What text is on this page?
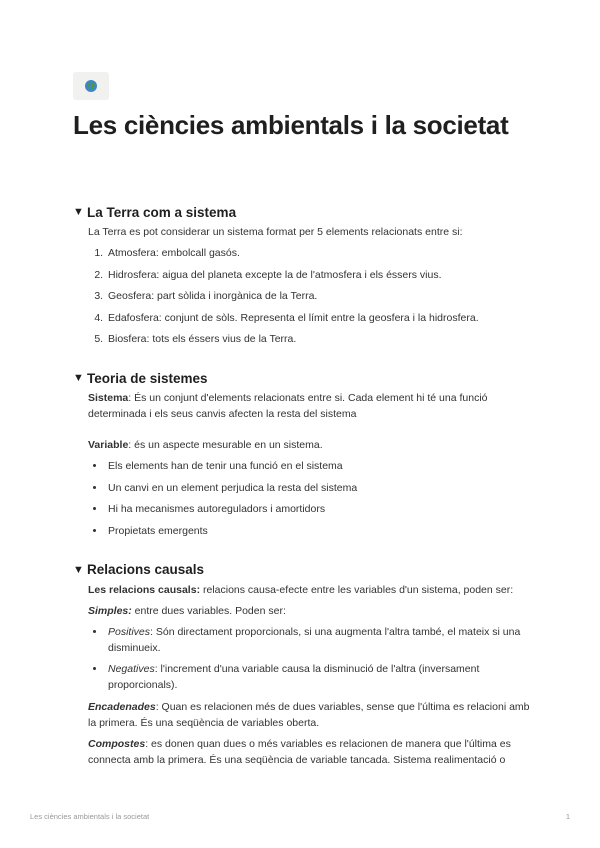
Les ciències ambientals i la societat
▼ La Terra com a sistema

La Terra es pot considerar un sistema format per 5 elements relacionats entre si:

1. Atmosfera: embolcall gasós.
2. Hidrosfera: aigua del planeta excepte la de l'atmosfera i els éssers vius.
3. Geosfera: part sòlida i inorgànica de la Terra.
4. Edafosfera: conjunt de sòls. Representa el límit entre la geosfera i la hidrosfera.
5. Biosfera: tots els éssers vius de la Terra.
▼ Teoria de sistemes

Sistema: És un conjunt d'elements relacionats entre si. Cada element hi té una funció determinada i els seus canvis afecten la resta del sistema

Variable: és un aspecte mesurable en un sistema.

• Els elements han de tenir una funció en el sistema
• Un canvi en un element perjudica la resta del sistema
• Hi ha mecanismes autoreguladors i amortidors
• Propietats emergents
▼ Relacions causals

Les relacions causals: relacions causa-efecte entre les variables d'un sistema, poden ser:

Simples: entre dues variables. Poden ser:

• Positives: Són directament proporcionals, si una augmenta l'altra també, el mateix si una disminueix.
• Negatives: l'increment d'una variable causa la disminució de l'altra (inversament proporcionals).

Encadenades: Quan es relacionen més de dues variables, sense que l'última es relacioni amb la primera. És una seqüència de variables oberta.

Compostes: es donen quan dues o més variables es relacionen de manera que l'última es connecta amb la primera. És una seqüència de variable tancada. Sistema realimentació o

Les ciències ambientals i la societat	1
